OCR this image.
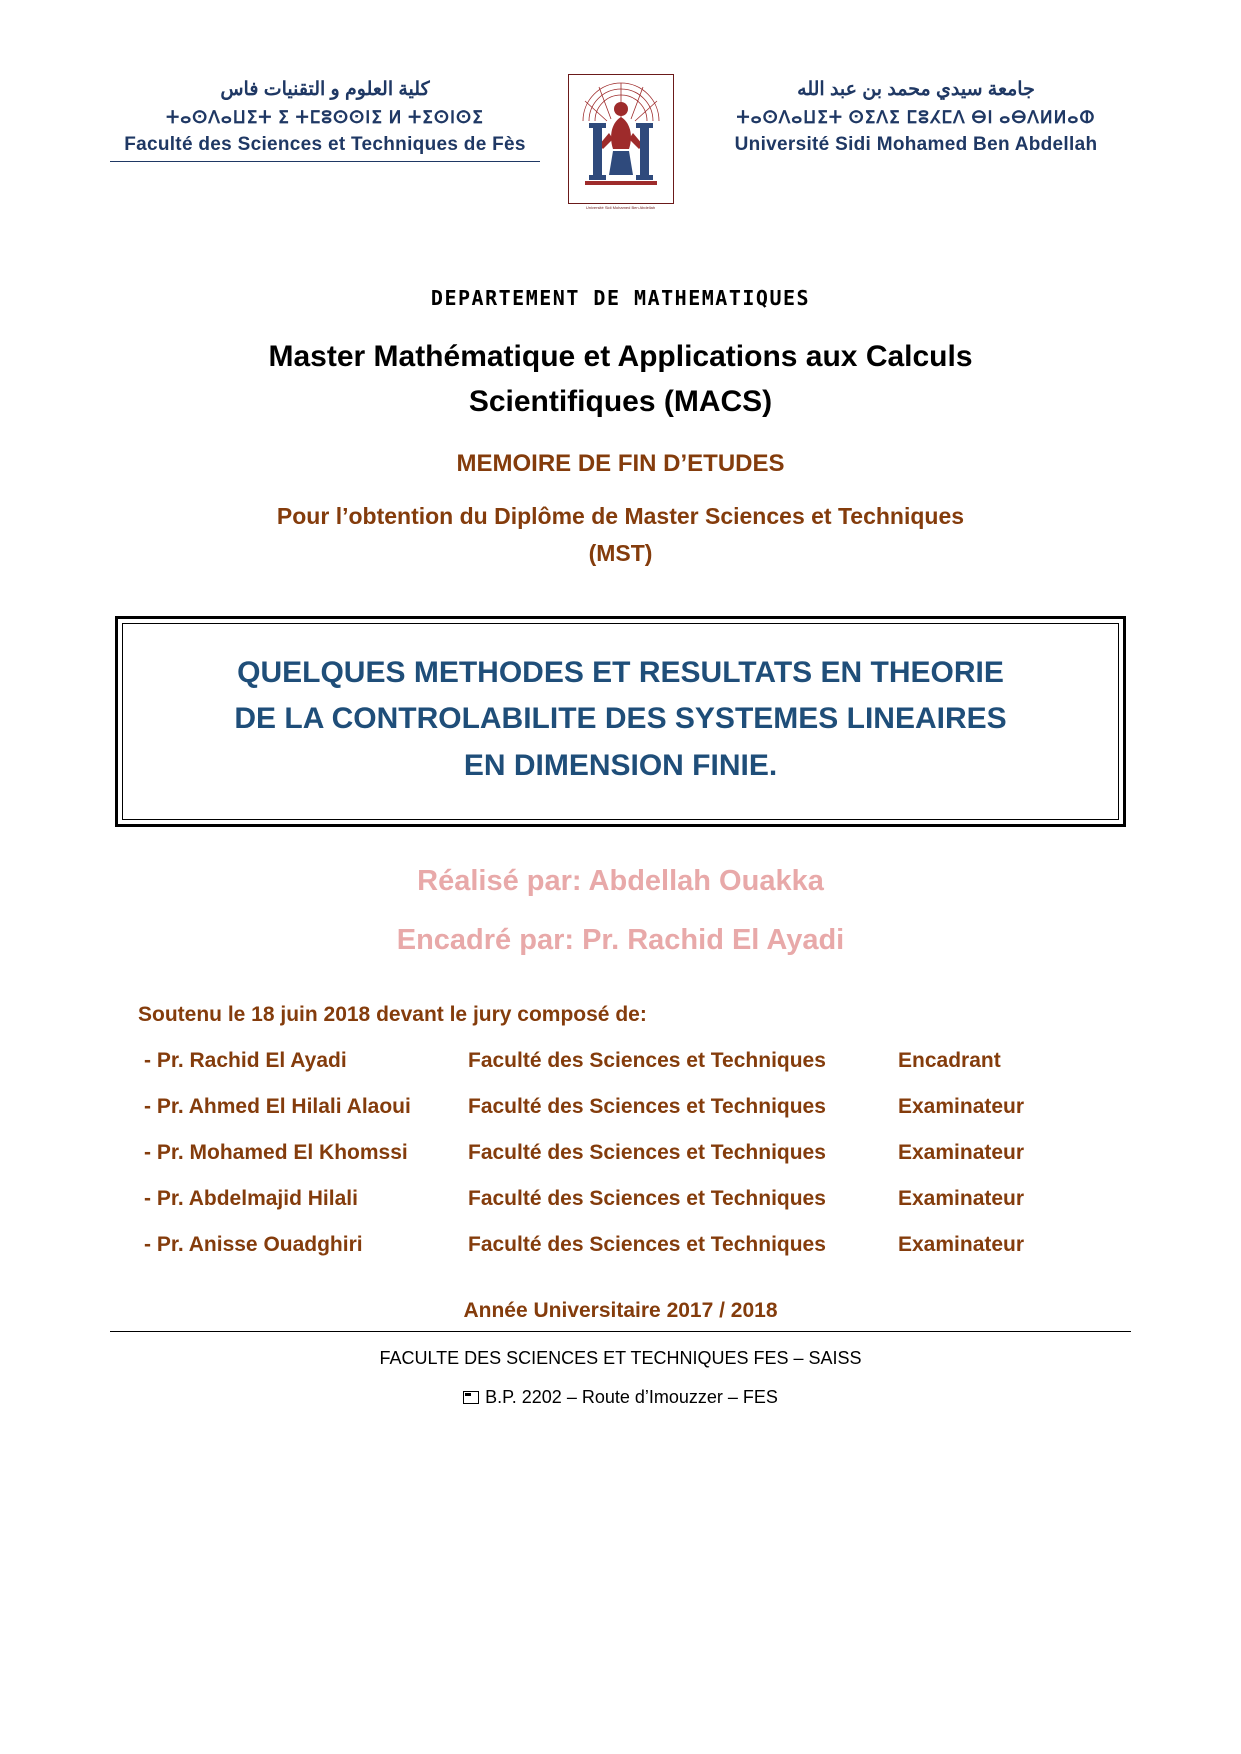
كلية العلوم و التقنيات فاس
ⵜⴰⵙⴷⴰⵡⵉⵜ ⵉ ⵜⵎⵓⵙⵙⵏⵉ ⵍ ⵜⵉⵙⵏⵙⵉ
Faculté des Sciences et Techniques de Fès
Université Sidi Mohamed Ben Abdellah
جامعة سيدي محمد بن عبد الله
ⵜⴰⵙⴷⴰⵡⵉⵜ ⵙⵉⴷⵉ ⵎⵓⵃⵎⴷ ⴱⵏ ⴰⴱⴷⵍⵍⴰⵀ
Université Sidi Mohamed Ben Abdellah
DEPARTEMENT DE MATHEMATIQUES
Master Mathématique et Applications aux Calculs
Scientifiques (MACS)
MEMOIRE DE FIN D’ETUDES
Pour l’obtention du Diplôme de Master Sciences et Techniques
(MST)
QUELQUES METHODES ET RESULTATS EN THEORIE
DE LA CONTROLABILITE DES SYSTEMES LINEAIRES
EN DIMENSION FINIE.
Réalisé par: Abdellah Ouakka
Encadré par: Pr. Rachid El Ayadi
Soutenu le 18 juin 2018 devant le jury composé de:
- Pr. Rachid El Ayadi	Faculté des Sciences et Techniques	Encadrant
- Pr. Ahmed El Hilali Alaoui	Faculté des Sciences et Techniques	Examinateur
- Pr. Mohamed El Khomssi	Faculté des Sciences et Techniques	Examinateur
- Pr. Abdelmajid Hilali	Faculté des Sciences et Techniques	Examinateur
- Pr. Anisse Ouadghiri	Faculté des Sciences et Techniques	Examinateur
Année Universitaire 2017 / 2018
FACULTE DES SCIENCES ET TECHNIQUES FES – SAISS
B.P. 2202 – Route d’Imouzzer – FES
